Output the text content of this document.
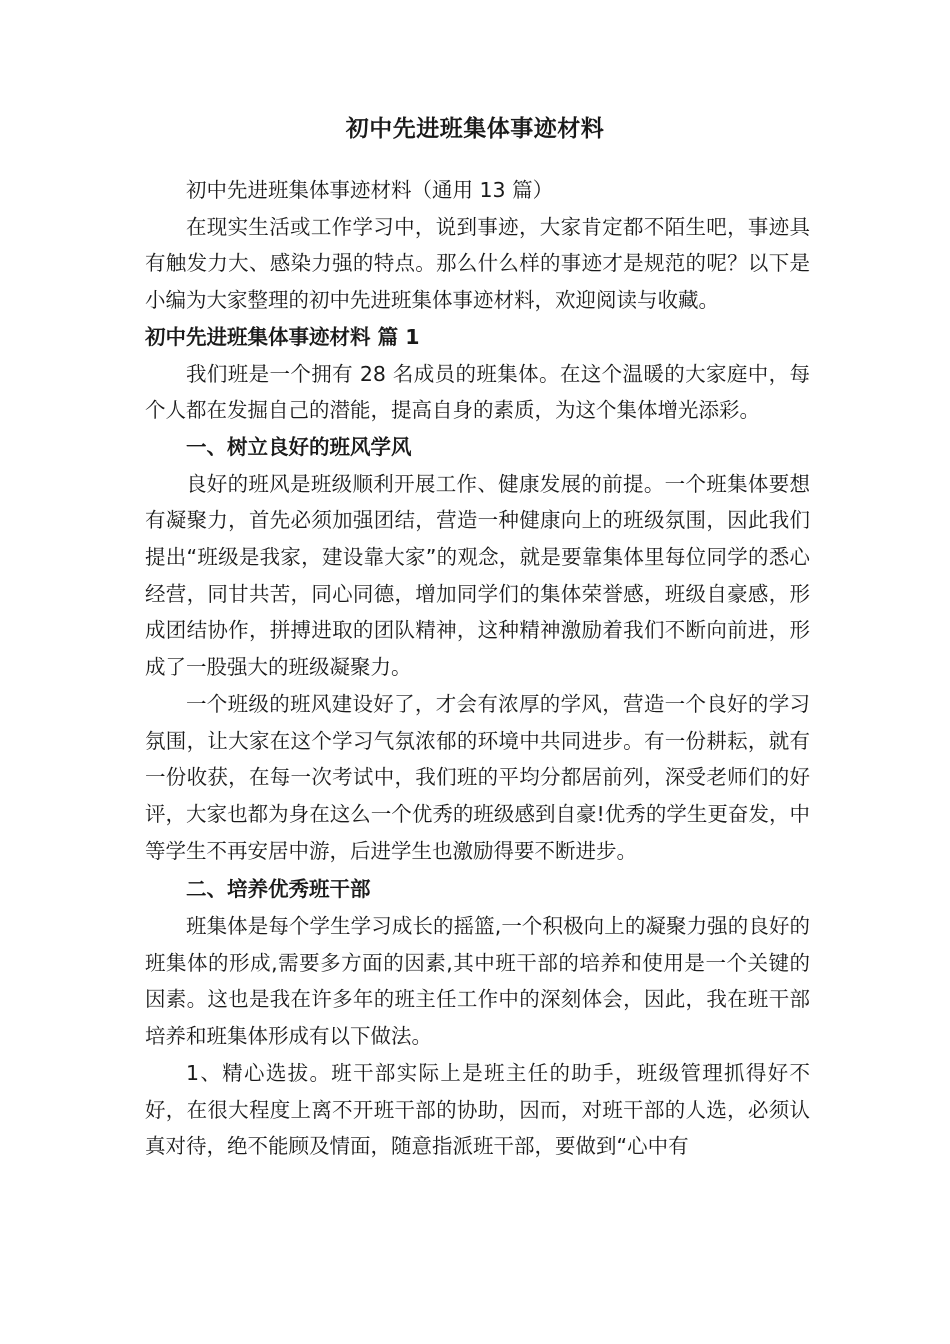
初中先进班集体事迹材料

初中先进班集体事迹材料（通用 13 篇）

在现实生活或工作学习中，说到事迹，大家肯定都不陌生吧，事迹具有触发力大、感染力强的特点。那么什么样的事迹才是规范的呢？以下是小编为大家整理的初中先进班集体事迹材料，欢迎阅读与收藏。

初中先进班集体事迹材料 篇 1

我们班是一个拥有 28 名成员的班集体。在这个温暖的大家庭中，每个人都在发掘自己的潜能，提高自身的素质，为这个集体增光添彩。

一、树立良好的班风学风

良好的班风是班级顺利开展工作、健康发展的前提。一个班集体要想有凝聚力，首先必须加强团结，营造一种健康向上的班级氛围，因此我们提出“班级是我家，建设靠大家”的观念，就是要靠集体里每位同学的悉心经营，同甘共苦，同心同德，增加同学们的集体荣誉感，班级自豪感，形成团结协作，拼搏进取的团队精神，这种精神激励着我们不断向前进，形成了一股强大的班级凝聚力。

一个班级的班风建设好了，才会有浓厚的学风，营造一个良好的学习氛围，让大家在这个学习气氛浓郁的环境中共同进步。有一份耕耘，就有一份收获，在每一次考试中，我们班的平均分都居前列，深受老师们的好评，大家也都为身在这么一个优秀的班级感到自豪!优秀的学生更奋发，中等学生不再安居中游，后进学生也激励得要不断进步。

二、培养优秀班干部

班集体是每个学生学习成长的摇篮,一个积极向上的凝聚力强的良好的班集体的形成,需要多方面的因素,其中班干部的培养和使用是一个关键的因素。这也是我在许多年的班主任工作中的深刻体会，因此，我在班干部培养和班集体形成有以下做法。

1、精心选拔。班干部实际上是班主任的助手，班级管理抓得好不好，在很大程度上离不开班干部的协助，因而，对班干部的人选，必须认真对待，绝不能顾及情面，随意指派班干部，要做到“心中有
